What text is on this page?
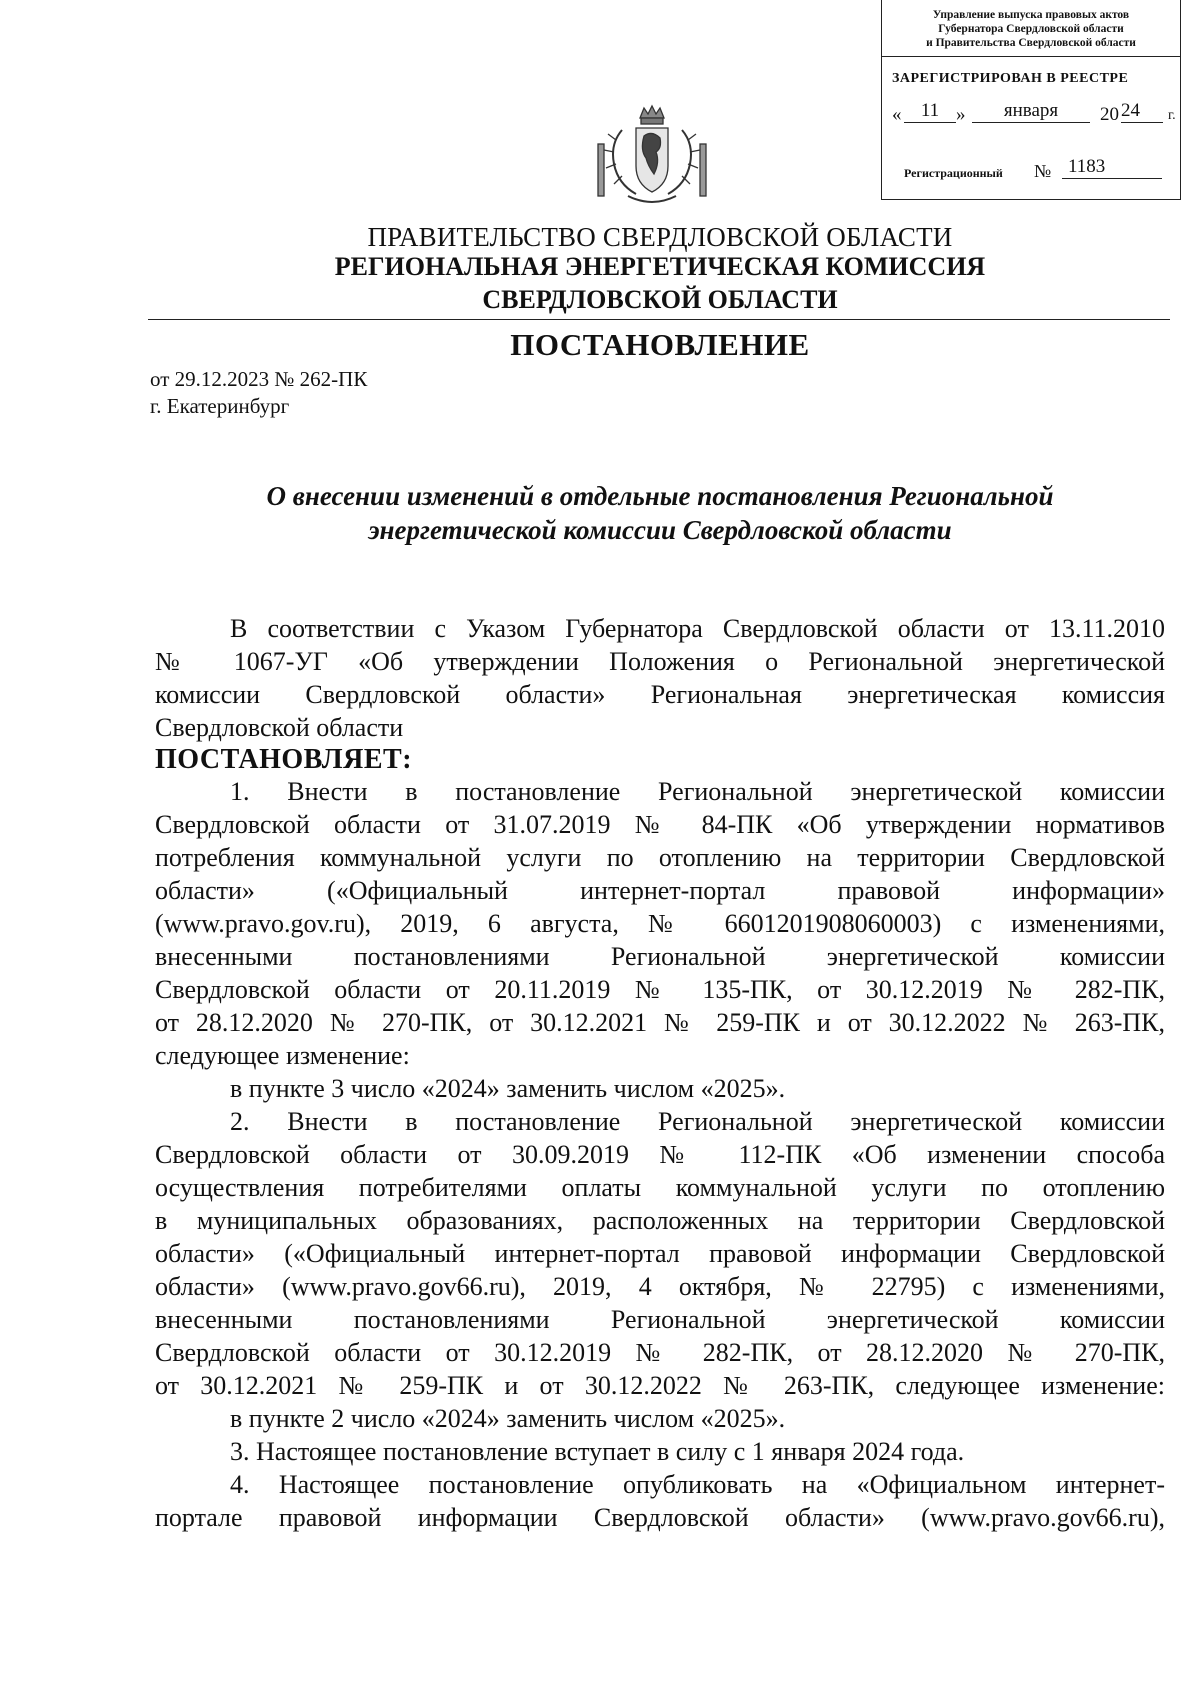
Управление выпуска правовых актов
Губернатора Свердловской области
и Правительства Свердловской области
ЗАРЕГИСТРИРОВАН В РЕЕСТРЕ
«	11 »	января	20 24	г.
Регистрационный № 1183
ПРАВИТЕЛЬСТВО СВЕРДЛОВСКОЙ ОБЛАСТИ
РЕГИОНАЛЬНАЯ ЭНЕРГЕТИЧЕСКАЯ КОМИССИЯ
СВЕРДЛОВСКОЙ ОБЛАСТИ
ПОСТАНОВЛЕНИЕ
от 29.12.2023 № 262-ПК
г. Екатеринбург
О внесении изменений в отдельные постановления Региональной
энергетической комиссии Свердловской области
В соответствии с Указом Губернатора Свердловской области от 13.11.2010
№ 1067-УГ «Об утверждении Положения о Региональной энергетической
комиссии Свердловской области» Региональная энергетическая комиссия
Свердловской области
ПОСТАНОВЛЯЕТ:
1. Внести в постановление Региональной энергетической комиссии
Свердловской области от 31.07.2019 № 84-ПК «Об утверждении нормативов
потребления коммунальной услуги по отоплению на территории Свердловской
области» («Официальный интернет-портал правовой информации»
(www.pravo.gov.ru), 2019, 6 августа, № 6601201908060003) с изменениями,
внесенными постановлениями Региональной энергетической комиссии
Свердловской области от 20.11.2019 № 135-ПК, от 30.12.2019 № 282-ПК,
от 28.12.2020 № 270-ПК, от 30.12.2021 № 259-ПК и от 30.12.2022 № 263-ПК,
следующее изменение:
в пункте 3 число «2024» заменить числом «2025».
2. Внести в постановление Региональной энергетической комиссии
Свердловской области от 30.09.2019 № 112-ПК «Об изменении способа
осуществления потребителями оплаты коммунальной услуги по отоплению
в муниципальных образованиях, расположенных на территории Свердловской
области» («Официальный интернет-портал правовой информации Свердловской
области» (www.pravo.gov66.ru), 2019, 4 октября, № 22795) с изменениями,
внесенными постановлениями Региональной энергетической комиссии
Свердловской области от 30.12.2019 № 282-ПК, от 28.12.2020 № 270-ПК,
от 30.12.2021 № 259-ПК и от 30.12.2022 № 263-ПК, следующее изменение:
в пункте 2 число «2024» заменить числом «2025».
3. Настоящее постановление вступает в силу с 1 января 2024 года.
4. Настоящее постановление опубликовать на «Официальном интернет-
портале правовой информации Свердловской области» (www.pravo.gov66.ru),
